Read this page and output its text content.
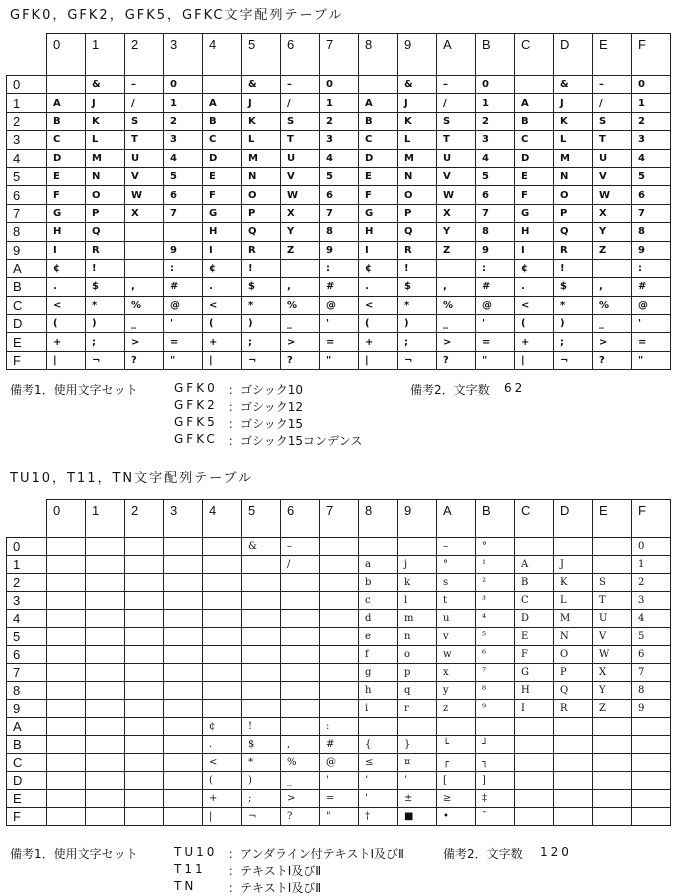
GFK0，GFK2，GFK5，GFKC文字配列テーブル
	0	1	2	3	4	5	6	7	8	9	A	B	C	D	E	F
0		&	–	0		&	–	0		&	–	0		&	–	0
1	A	J	/	1	A	J	/	1	A	J	/	1	A	J	/	1
2	B	K	S	2	B	K	S	2	B	K	S	2	B	K	S	2
3	C	L	T	3	C	L	T	3	C	L	T	3	C	L	T	3
4	D	M	U	4	D	M	U	4	D	M	U	4	D	M	U	4
5	E	N	V	5	E	N	V	5	E	N	V	5	E	N	V	5
6	F	O	W	6	F	O	W	6	F	O	W	6	F	O	W	6
7	G	P	X	7	G	P	X	7	G	P	X	7	G	P	X	7
8	H	Q			H	Q	Y	8	H	Q	Y	8	H	Q	Y	8
9	I	R		9	I	R	Z	9	I	R	Z	9	I	R	Z	9
A	¢	!		:	¢	!		:	¢	!		:	¢	!		:
B	.	$	,	#	.	$	,	#	.	$	,	#	.	$	,	#
C	<	*	%	@	<	*	%	@	<	*	%	@	<	*	%	@
D	(	)	_	'	(	)	_	'	(	)	_	'	(	)	_	'
E	+	;	>	=	+	;	>	=	+	;	>	=	+	;	>	=
F	|	¬	?	"	|	¬	?	"	|	¬	?	"	|	¬	?	"
備考1．使用文字セット	GFK0 ： ゴシック10
GFK2 ： ゴシック12
GFK5 ： ゴシック15
GFKC ： ゴシック15コンデンス
備考2．文字数 62
TU10，T11，TN文字配列テーブル
	0	1	2	3	4	5	6	7	8	9	A	B	C	D	E	F
0						&	–				–	°				0
1							/		a	j	°	¹	A	J		1
2									b	k	s	²	B	K	S	2
3									c	l	t	³	C	L	T	3
4									d	m	u	⁴	D	M	U	4
5									e	n	v	⁵	E	N	V	5
6									f	o	w	⁶	F	O	W	6
7									g	p	x	⁷	G	P	X	7
8									h	q	y	⁸	H	Q	Y	8
9									i	r	z	⁹	I	R	Z	9
A					¢	!		:								
B					.	$	,	#	{	}	└	┘				
C					<	*	%	@	≤	¤	┌	┐				
D					(	)	_	'	‘	’	[	]				
E					+	;	>	=	'	±	≥	‡				
F					|	¬	?	"	†	■	•	¯				
備考1．使用文字セット	TU10 ： アンダライン付テキストⅠ及びⅡ
T11 ： テキストⅠ及びⅡ
TN	： テキストⅠ及びⅡ
備考2．文字数 120
